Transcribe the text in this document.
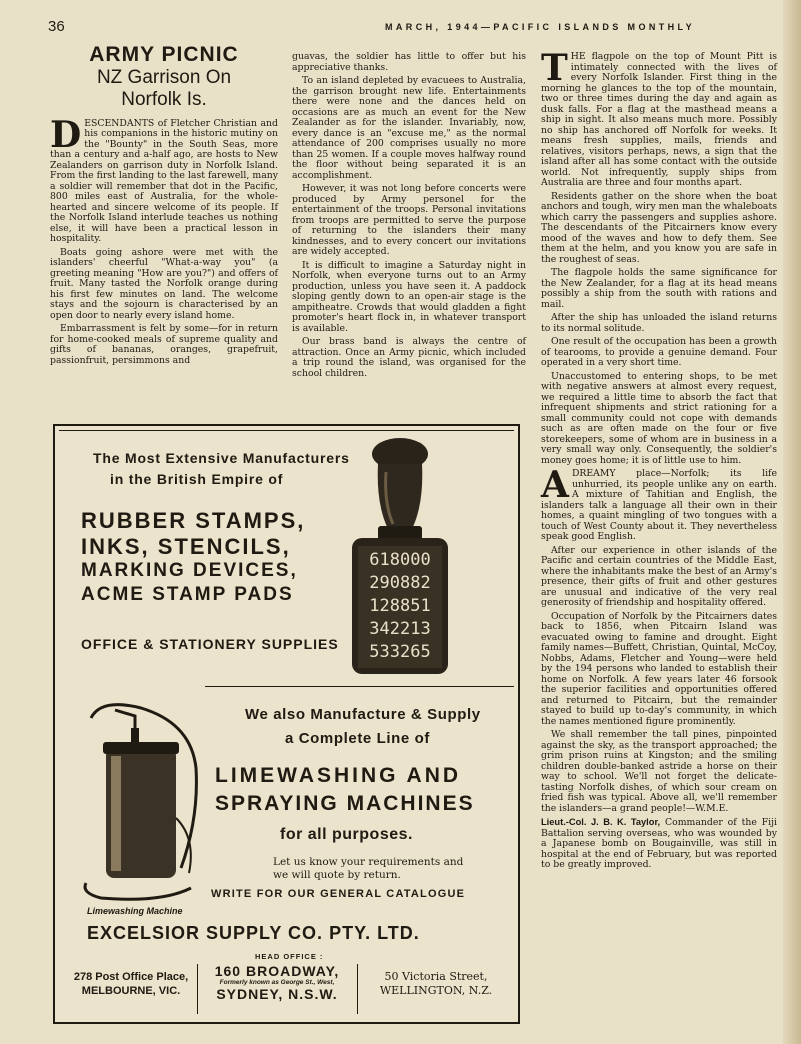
36	MARCH, 1944—PACIFIC ISLANDS MONTHLY
ARMY PICNIC
NZ Garrison On
Norfolk Is.

DESCENDANTS of Fletcher Christian and his companions in the historic mutiny on the "Bounty" in the South Seas, more than a century and a-half ago, are hosts to New Zealanders on garrison duty in Norfolk Island. From the first landing to the last farewell, many a soldier will remember that dot in the Pacific, 800 miles east of Australia, for the whole-hearted and sincere welcome of its people. If the Norfolk Island interlude teaches us nothing else, it will have been a practical lesson in hospitality.

Boats going ashore were met with the islanders' cheerful "What-a-way you" (a greeting meaning "How are you?") and offers of fruit. Many tasted the Norfolk orange during his first few minutes on land. The welcome stays and the sojourn is characterised by an open door to nearly every island home.

Embarrassment is felt by some—for in return for home-cooked meals of supreme quality and gifts of bananas, oranges, grapefruit, passionfruit, persimmons and

guavas, the soldier has little to offer but his appreciative thanks.

To an island depleted by evacuees to Australia, the garrison brought new life. Entertainments there were none and the dances held on occasions are as much an event for the New Zealander as for the islander. Invariably, now, every dance is an "excuse me," as the normal attendance of 200 comprises usually no more than 25 women. If a couple moves halfway round the floor without being separated it is an accomplishment.

However, it was not long before concerts were produced by Army personel for the entertainment of the troops. Personal invitations from troops are permitted to serve the purpose of returning to the islanders their many kindnesses, and to every concert our invitations are widely accepted.

It is difficult to imagine a Saturday night in Norfolk, when everyone turns out to an Army production, unless you have seen it. A paddock sloping gently down to an open-air stage is the ampitheatre. Crowds that would gladden a fight promoter's heart flock in, in whatever transport is available.

Our brass band is always the centre of attraction. Once an Army picnic, which included a trip round the island, was organised for the school children.

THE flagpole on the top of Mount Pitt is intimately connected with the lives of every Norfolk Islander. First thing in the morning he glances to the top of the mountain, two or three times during the day and again as dusk falls. For a flag at the masthead means a ship in sight. It also means much more. Possibly no ship has anchored off Norfolk for weeks. It means fresh supplies, mails, friends and relatives, visitors perhaps, news, a sign that the island after all has some contact with the outside world. Not infrequently, supply ships from Australia are three and four months apart.

Residents gather on the shore when the boat anchors and tough, wiry men man the whaleboats which carry the passengers and supplies ashore. The descendants of the Pitcairners know every mood of the waves and how to defy them. See them at the helm, and you know you are safe in the roughest of seas.

The flagpole holds the same significance for the New Zealander, for a flag at its head means possibly a ship from the south with rations and mail.

After the ship has unloaded the island returns to its normal solitude.

One result of the occupation has been a growth of tearooms, to provide a genuine demand. Four operated in a very short time.

Unaccustomed to entering shops, to be met with negative answers at almost every request, we required a little time to absorb the fact that infrequent shipments and strict rationing for a small community could not cope with demands such as are often made on the four or five storekeepers, some of whom are in business in a very small way only. Consequently, the soldier's money goes home; it is of little use to him.

ADREAMY place—Norfolk; its life unhurried, its people unlike any on earth. A mixture of Tahitian and English, the islanders talk a language all their own in their homes, a quaint mingling of two tongues with a touch of West County about it. They nevertheless speak good English.

After our experience in other islands of the Pacific and certain countries of the Middle East, where the inhabitants make the best of an Army's presence, their gifts of fruit and other gestures are unusual and indicative of the very real generosity of friendship and hospitality offered.

Occupation of Norfolk by the Pitcairners dates back to 1856, when Pitcairn Island was evacuated owing to famine and drought. Eight family names—Buffett, Christian, Quintal, McCoy, Nobbs, Adams, Fletcher and Young—were held by the 194 persons who landed to establish their home on Norfolk. A few years later 46 forsook the superior facilities and opportunities offered and returned to Pitcairn, but the remainder stayed to build up to-day's community, in which the names mentioned figure prominently.

We shall remember the tall pines, pinpointed against the sky, as the transport approached; the grim prison ruins at Kingston; and the smiling children double-banked astride a horse on their way to school. We'll not forget the delicate-tasting Norfolk dishes, of which sour cream on fried fish was typical. Above all, we'll remember the islanders—a grand people!—W.M.E.

Lieut.-Col. J. B. K. Taylor, Commander of the Fiji Battalion serving overseas, who was wounded by a Japanese bomb on Bougainville, was still in hospital at the end of February, but was reported to be greatly improved.

The Most Extensive Manufacturers
in the British Empire of
RUBBER STAMPS,
INKS, STENCILS,
MARKING DEVICES,
ACME STAMP PADS
OFFICE & STATIONERY SUPPLIES
618000
290882
128851
342213
533265
We also Manufacture & Supply
a Complete Line of
LIMEWASHING AND
SPRAYING MACHINES
for all purposes.
Let us know your requirements and we will quote by return.
WRITE FOR OUR GENERAL CATALOGUE
Limewashing Machine
EXCELSIOR SUPPLY CO. PTY. LTD.
HEAD OFFICE :
278 Post Office Place,
MELBOURNE, VIC.
160 BROADWAY,
Formerly known as George St., West,
SYDNEY, N.S.W.
50 Victoria Street,
WELLINGTON, N.Z.
